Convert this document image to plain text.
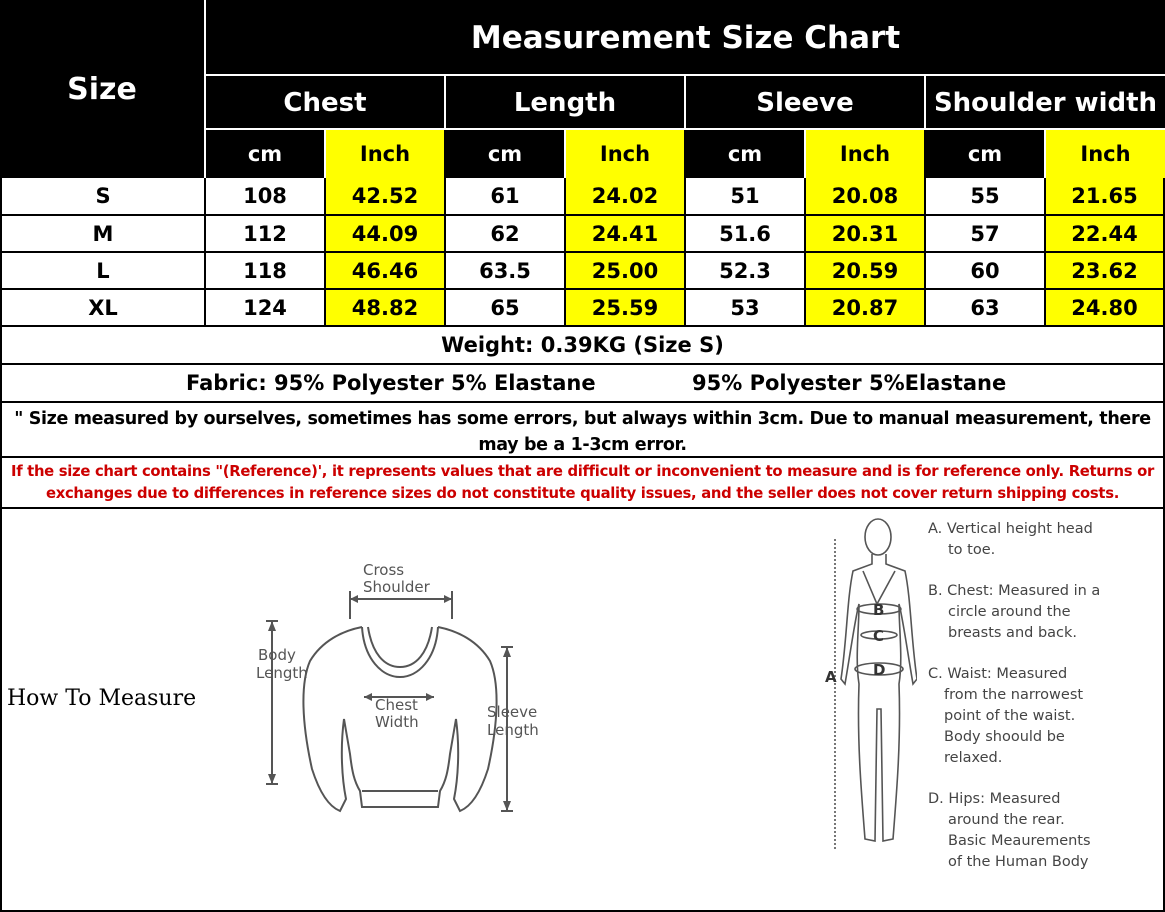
Size
Measurement Size Chart
Chest	Length	Sleeve	Shoulder width
cm	Inch	cm	Inch	cm	Inch	cm	Inch
S	108	42.52	61	24.02	51	20.08	55	21.65
M	112	44.09	62	24.41	51.6	20.31	57	22.44
L	118	46.46	63.5	25.00	52.3	20.59	60	23.62
XL	124	48.82	65	25.59	53	20.87	63	24.80
Weight: 0.39KG (Size S)
Fabric: 95% Polyester 5% Elastane	95% Polyester 5%Elastane
" Size measured by ourselves, sometimes has some errors, but always within 3cm. Due to manual measurement, there may be a 1-3cm error.
If the size chart contains "(Reference)', it represents values that are difficult or inconvenient to measure and is for reference only. Returns or exchanges due to differences in reference sizes do not constitute quality issues, and the seller does not cover return shipping costs.
How To Measure
Cross
Shoulder
Body
Length
Chest
Width
Sleeve
Length
B
C
D
A
A. Vertical height head
to toe.
B. Chest: Measured in a
circle around the
breasts and back.
C. Waist: Measured
from the narrowest
point of the waist.
Body shoould be
relaxed.
D. Hips: Measured
around the rear.
Basic Meaurements
of the Human Body
